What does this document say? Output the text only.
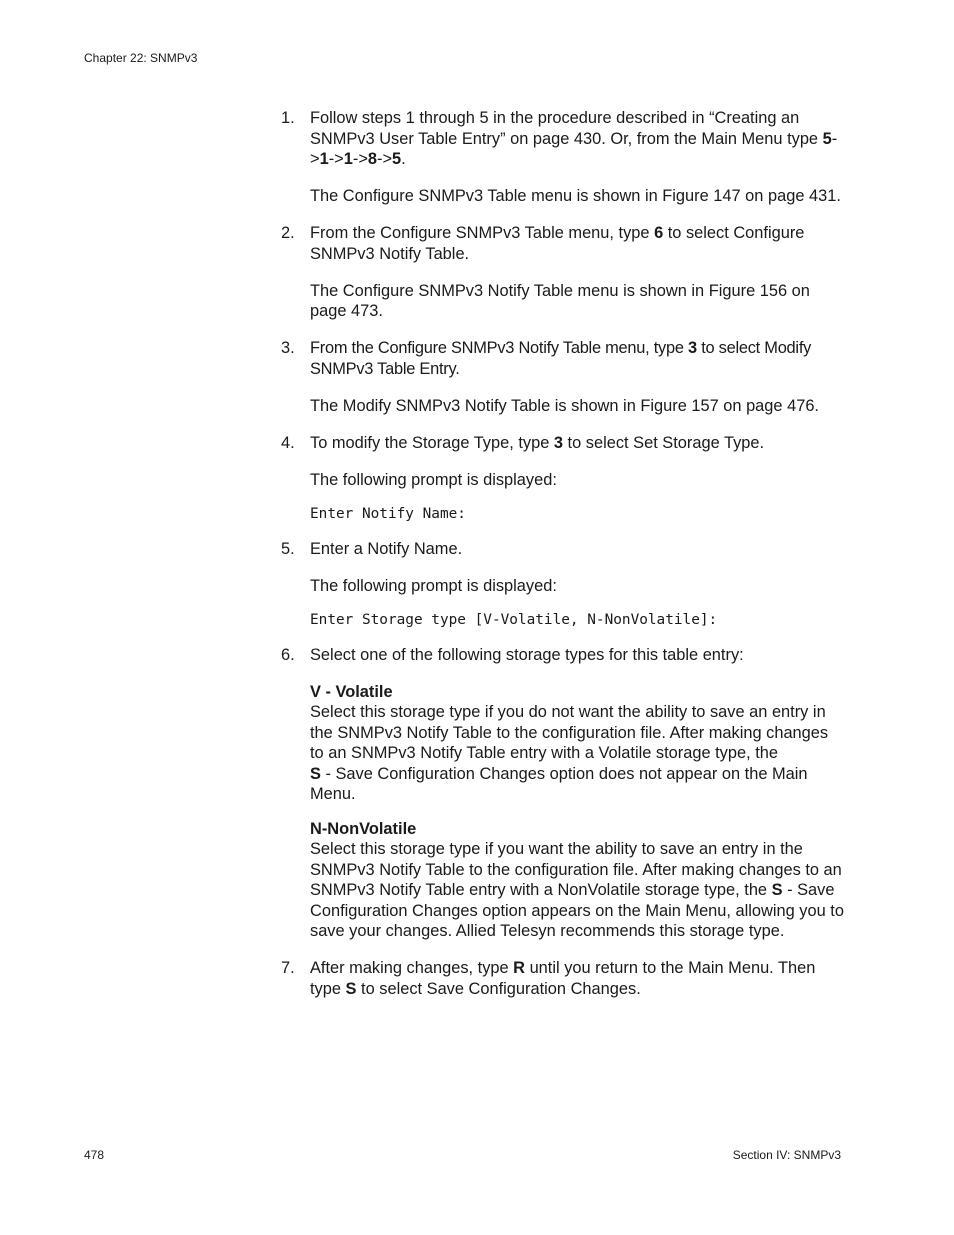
Chapter 22: SNMPv3
1. Follow steps 1 through 5 in the procedure described in “Creating an SNMPv3 User Table Entry” on page 430. Or, from the Main Menu type 5->1->1->8->5.
The Configure SNMPv3 Table menu is shown in Figure 147 on page 431.
2. From the Configure SNMPv3 Table menu, type 6 to select Configure SNMPv3 Notify Table.
The Configure SNMPv3 Notify Table menu is shown in Figure 156 on page 473.
3. From the Configure SNMPv3 Notify Table menu, type 3 to select Modify SNMPv3 Table Entry.
The Modify SNMPv3 Notify Table is shown in Figure 157 on page 476.
4. To modify the Storage Type, type 3 to select Set Storage Type.
The following prompt is displayed:
Enter Notify Name:
5. Enter a Notify Name.
The following prompt is displayed:
Enter Storage type [V-Volatile, N-NonVolatile]:
6. Select one of the following storage types for this table entry:
V - Volatile
Select this storage type if you do not want the ability to save an entry in the SNMPv3 Notify Table to the configuration file. After making changes to an SNMPv3 Notify Table entry with a Volatile storage type, the
S - Save Configuration Changes option does not appear on the Main Menu.
N-NonVolatile
Select this storage type if you want the ability to save an entry in the SNMPv3 Notify Table to the configuration file. After making changes to an SNMPv3 Notify Table entry with a NonVolatile storage type, the S - Save Configuration Changes option appears on the Main Menu, allowing you to save your changes. Allied Telesyn recommends this storage type.
7. After making changes, type R until you return to the Main Menu. Then type S to select Save Configuration Changes.
478	Section IV: SNMPv3
